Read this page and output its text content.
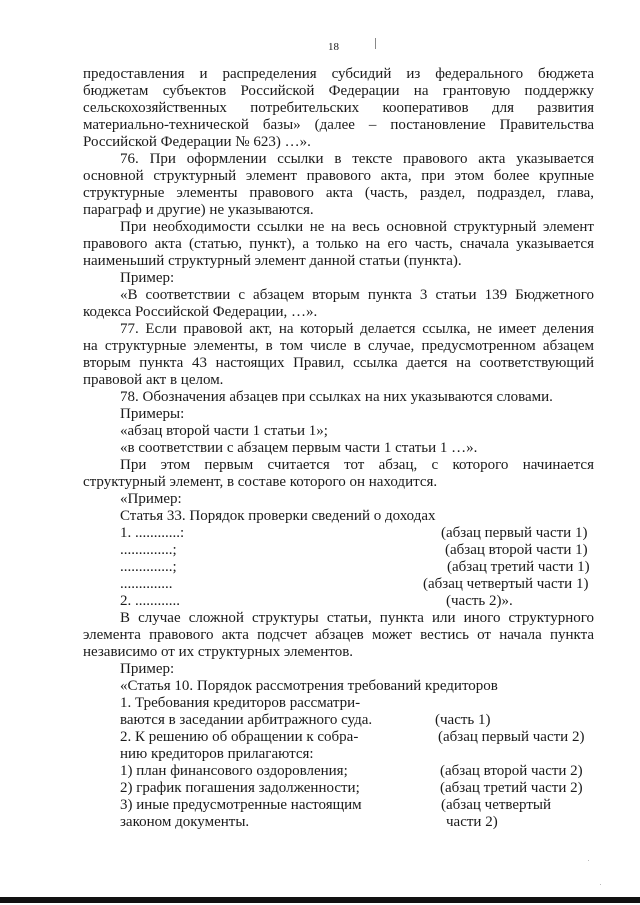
18
предоставления и распределения субсидий из федерального бюджета
бюджетам субъектов Российской Федерации на грантовую поддержку
сельскохозяйственных потребительских кооперативов для развития
материально-технической базы» (далее – постановление Правительства
Российской Федерации № 623) …».
76. При оформлении ссылки в тексте правового акта указывается
основной структурный элемент правового акта, при этом более крупные
структурные элементы правового акта (часть, раздел, подраздел, глава,
параграф и другие) не указываются.
При необходимости ссылки не на весь основной структурный элемент
правового акта (статью, пункт), а только на его часть, сначала указывается
наименьший структурный элемент данной статьи (пункта).
Пример:
«В соответствии с абзацем вторым пункта 3 статьи 139 Бюджетного
кодекса Российской Федерации, …».
77. Если правовой акт, на который делается ссылка, не имеет деления
на структурные элементы, в том числе в случае, предусмотренном абзацем
вторым пункта 43 настоящих Правил, ссылка дается на соответствующий
правовой акт в целом.
78. Обозначения абзацев при ссылках на них указываются словами.
Примеры:
«абзац второй части 1 статьи 1»;
«в соответствии с абзацем первым части 1 статьи 1 …».
При этом первым считается тот абзац, с которого начинается
структурный элемент, в составе которого он находится.
«Пример:
Статья 33. Порядок проверки сведений о доходах
1. ............:	(абзац первый части 1)
..............;	(абзац второй части 1)
..............;	(абзац третий части 1)
..............	(абзац четвертый части 1)
2. ............	(часть 2)».
В случае сложной структуры статьи, пункта или иного структурного
элемента правового акта подсчет абзацев может вестись от начала пункта
независимо от их структурных элементов.
Пример:
«Статья 10. Порядок рассмотрения требований кредиторов
1. Требования кредиторов рассматри-
ваются в заседании арбитражного суда.	(часть 1)
2. К решению об обращении к собра-	(абзац первый части 2)
нию кредиторов прилагаются:
1) план финансового оздоровления;	(абзац второй части 2)
2) график погашения задолженности;	(абзац третий части 2)
3) иные предусмотренные настоящим	(абзац четвертый
законом документы.	части 2)
